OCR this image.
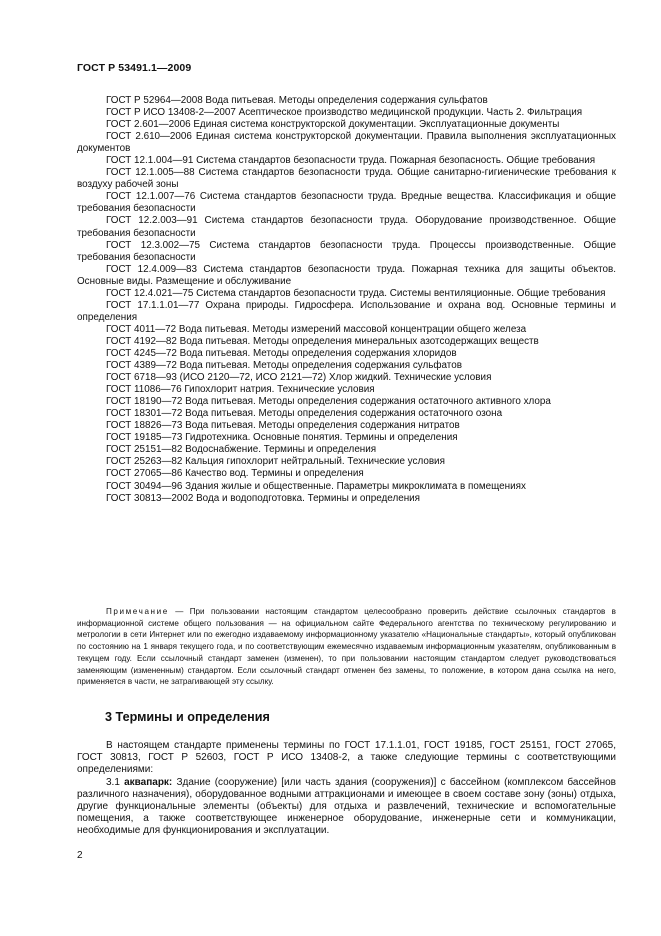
ГОСТ Р 53491.1—2009

ГОСТ Р 52964—2008 Вода питьевая. Методы определения содержания сульфатов

ГОСТ Р ИСО 13408-2—2007 Асептическое производство медицинской продукции. Часть 2. Фильтрация

ГОСТ 2.601—2006 Единая система конструкторской документации. Эксплуатационные документы

ГОСТ 2.610—2006 Единая система конструкторской документации. Правила выполнения эксплуатационных документов

ГОСТ 12.1.004—91 Система стандартов безопасности труда. Пожарная безопасность. Общие требования

ГОСТ 12.1.005—88 Система стандартов безопасности труда. Общие санитарно-гигиенические требования к воздуху рабочей зоны

ГОСТ 12.1.007—76 Система стандартов безопасности труда. Вредные вещества. Классификация и общие требования безопасности

ГОСТ 12.2.003—91 Система стандартов безопасности труда. Оборудование производственное. Общие требования безопасности

ГОСТ 12.3.002—75 Система стандартов безопасности труда. Процессы производственные. Общие требования безопасности

ГОСТ 12.4.009—83 Система стандартов безопасности труда. Пожарная техника для защиты объектов. Основные виды. Размещение и обслуживание

ГОСТ 12.4.021—75 Система стандартов безопасности труда. Системы вентиляционные. Общие требования

ГОСТ 17.1.1.01—77 Охрана природы. Гидросфера. Использование и охрана вод. Основные термины и определения

ГОСТ 4011—72 Вода питьевая. Методы измерений массовой концентрации общего железа

ГОСТ 4192—82 Вода питьевая. Методы определения минеральных азотсодержащих веществ

ГОСТ 4245—72 Вода питьевая. Методы определения содержания хлоридов

ГОСТ 4389—72 Вода питьевая. Методы определения содержания сульфатов

ГОСТ 6718—93 (ИСО 2120—72, ИСО 2121—72) Хлор жидкий. Технические условия

ГОСТ 11086—76 Гипохлорит натрия. Технические условия

ГОСТ 18190—72 Вода питьевая. Методы определения содержания остаточного активного хлора

ГОСТ 18301—72 Вода питьевая. Методы определения содержания остаточного озона

ГОСТ 18826—73 Вода питьевая. Методы определения содержания нитратов

ГОСТ 19185—73 Гидротехника. Основные понятия. Термины и определения

ГОСТ 25151—82 Водоснабжение. Термины и определения

ГОСТ 25263—82 Кальция гипохлорит нейтральный. Технические условия

ГОСТ 27065—86 Качество вод. Термины и определения

ГОСТ 30494—96 Здания жилые и общественные. Параметры микроклимата в помещениях

ГОСТ 30813—2002 Вода и водоподготовка. Термины и определения

Примечание — При пользовании настоящим стандартом целесообразно проверить действие ссылочных стандартов в информационной системе общего пользования — на официальном сайте Федерального агентства по техническому регулированию и метрологии в сети Интернет или по ежегодно издаваемому информационному указателю «Национальные стандарты», который опубликован по состоянию на 1 января текущего года, и по соответствующим ежемесячно издаваемым информационным указателям, опубликованным в текущем году. Если ссылочный стандарт заменен (изменен), то при пользовании настоящим стандартом следует руководствоваться заменяющим (измененным) стандартом. Если ссылочный стандарт отменен без замены, то положение, в котором дана ссылка на него, применяется в части, не затрагивающей эту ссылку.

3 Термины и определения

В настоящем стандарте применены термины по ГОСТ 17.1.1.01, ГОСТ 19185, ГОСТ 25151, ГОСТ 27065, ГОСТ 30813, ГОСТ Р 52603, ГОСТ Р ИСО 13408-2, а также следующие термины с соответствующими определениями:

3.1 аквапарк: Здание (сооружение) [или часть здания (сооружения)] с бассейном (комплексом бассейнов различного назначения), оборудованное водными аттракционами и имеющее в своем составе зону (зоны) отдыха, другие функциональные элементы (объекты) для отдыха и развлечений, технические и вспомогательные помещения, а также соответствующее инженерное оборудование, инженерные сети и коммуникации, необходимые для функционирования и эксплуатации.

2
